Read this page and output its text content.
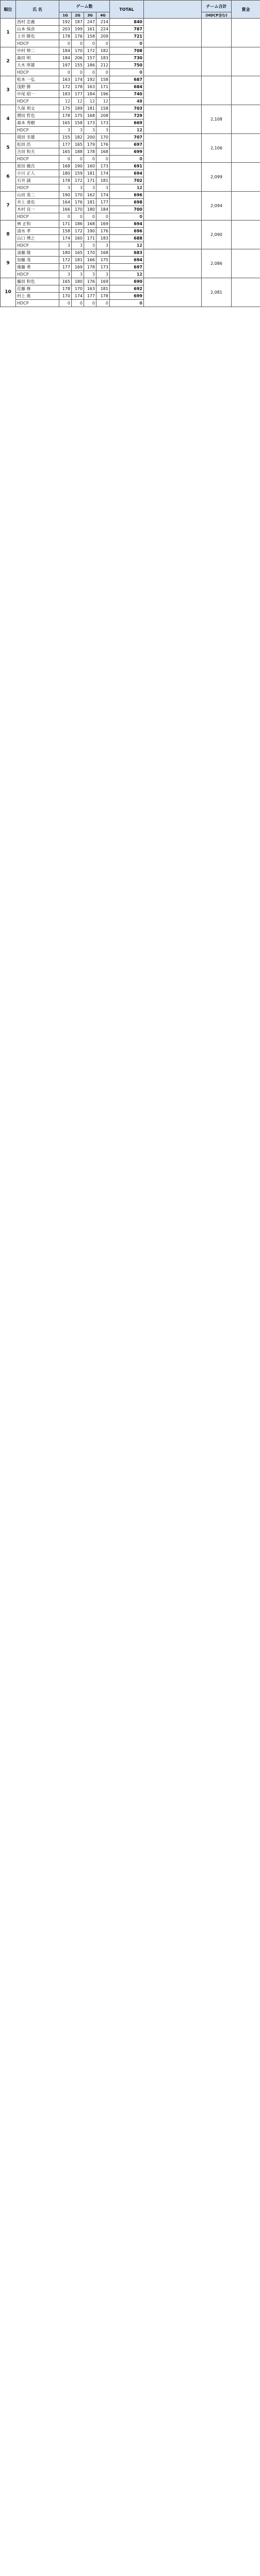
順位	氏 名	ゲーム数				TOTAL		チーム合計	賞金
		1G	2G	3G	4G			(HDCP含む)	
1	西村 忠義	192	187	247	214	840			
	山本 保彦	203	199	161	224	787			
	土井 勝也	178	176	158	209	721			
	HDCP	0	0	0	0	0			
2	中村 伸二	184	170	172	182	708			
	森田 明	184	206	157	183	730			
	大木 厚雄	197	155	186	212	750			
	HDCP	0	0	0	0	0			
3	松本 一弘	163	174	192	158	687			
	浅野 勝	172	178	163	171	684			
	中尾 昭一	183	177	184	196	740			
	HDCP	12	12	12	12	48			
4	久保 利文	175	189	181	158	703		2,108	
	増田 哲也	178	175	168	208	729			
	森本 秀樹	165	158	173	173	669			
	HDCP	3	3	3	3	12			
5	岡田 幸雄	155	182	200	170	707		2,106	
	松田 浩	177	165	179	176	697			
	吉田 和夫	165	188	178	168	699			
	HDCP	0	0	0	0	0			
6	原田 健次	168	190	160	173	691		2,099	
	小川 正人	180	159	181	174	694			
	石井 誠	178	172	171	181	702			
	HDCP	3	3	3	3	12			
7	山田 英二	190	170	162	174	696		2,094	
	井上 達也	164	176	181	177	698			
	木村 良一	166	170	180	184	700			
	HDCP	0	0	0	0	0			
8	林 正和	171	186	168	169	694		2,090	
	清水 孝	158	172	190	176	696			
	山口 博之	174	160	171	183	688			
	HDCP	3	3	3	3	12			
9	斎藤 隆	180	165	170	168	683		2,086	
	加藤 茂	172	181	166	175	694			
	後藤 勇	177	169	178	173	697			
	HDCP	3	3	3	3	12			
10	藤田 和也	165	180	176	169	690		2,081	
	近藤 修	178	170	163	181	692			
	村上 進	170	174	177	178	699			
	HDCP	0	0	0	0	0			
